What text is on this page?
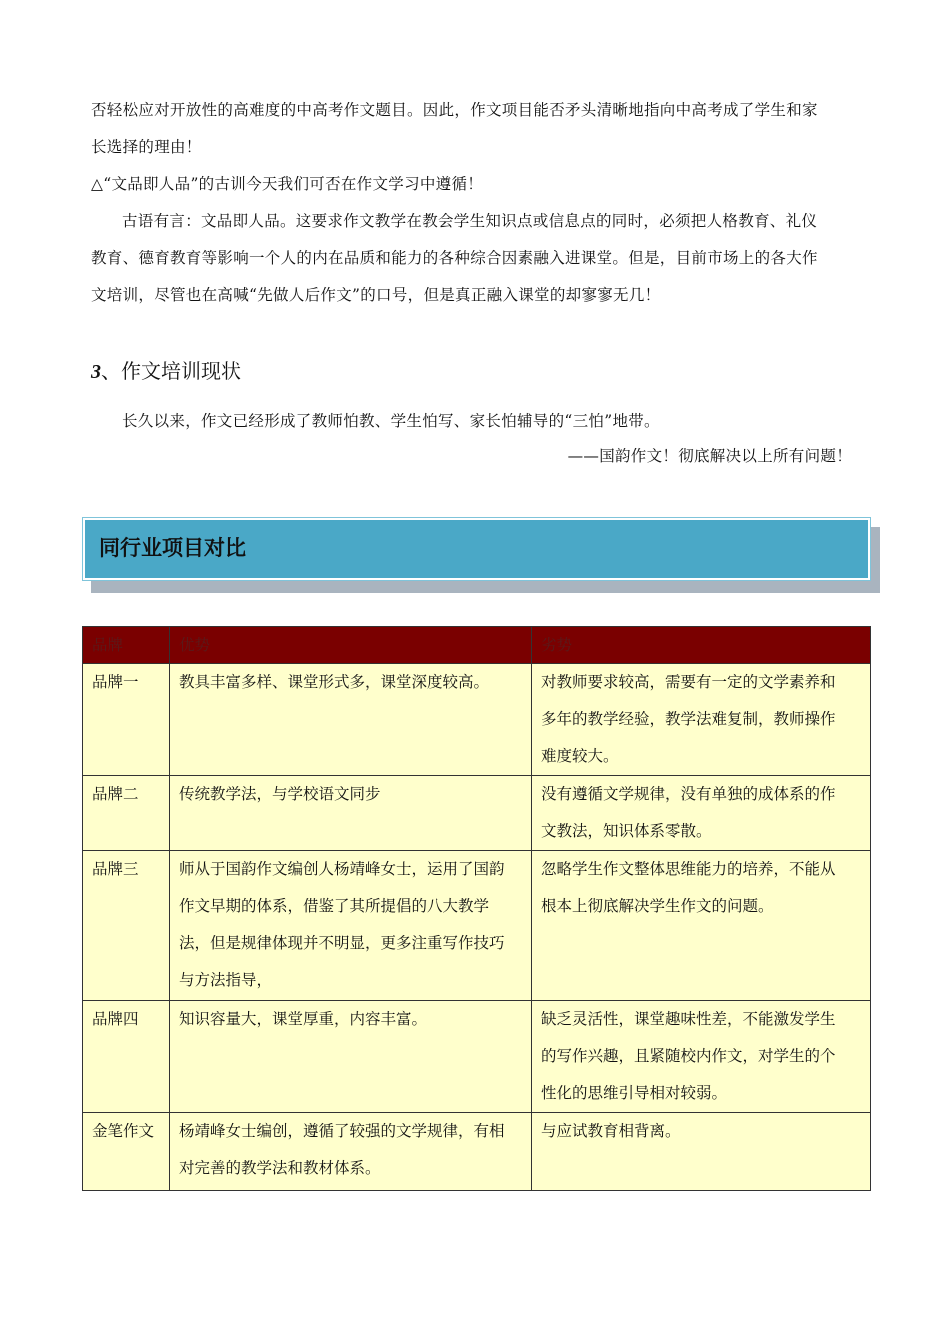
否轻松应对开放性的高难度的中高考作文题目。因此，作文项目能否矛头清晰地指向中高考成了学生和家
长选择的理由！
△“文品即人品”的古训今天我们可否在作文学习中遵循！
古语有言：文品即人品。这要求作文教学在教会学生知识点或信息点的同时，必须把人格教育、礼仪
教育、德育教育等影响一个人的内在品质和能力的各种综合因素融入进课堂。但是，目前市场上的各大作
文培训，尽管也在高喊“先做人后作文”的口号，但是真正融入课堂的却寥寥无几！
3、作文培训现状
长久以来，作文已经形成了教师怕教、学生怕写、家长怕辅导的“三怕”地带。
——国韵作文！彻底解决以上所有问题！
同行业项目对比
品牌	优势	劣势
品牌一	教具丰富多样、课堂形式多，课堂深度较高。	对教师要求较高，需要有一定的文学素养和
多年的教学经验，教学法难复制，教师操作
难度较大。

品牌二	传统教学法，与学校语文同步	没有遵循文学规律，没有单独的成体系的作
文教法，知识体系零散。

品牌三	师从于国韵作文编创人杨靖峰女士，运用了国韵
作文早期的体系，借鉴了其所提倡的八大教学
法，但是规律体现并不明显，更多注重写作技巧
与方法指导，	忽略学生作文整体思维能力的培养，不能从
根本上彻底解决学生作文的问题。

品牌四	知识容量大，课堂厚重，内容丰富。	缺乏灵活性，课堂趣味性差，不能激发学生
的写作兴趣，且紧随校内作文，对学生的个
性化的思维引导相对较弱。

金笔作文	杨靖峰女士编创，遵循了较强的文学规律，有相
对完善的教学法和教材体系。	与应试教育相背离。
